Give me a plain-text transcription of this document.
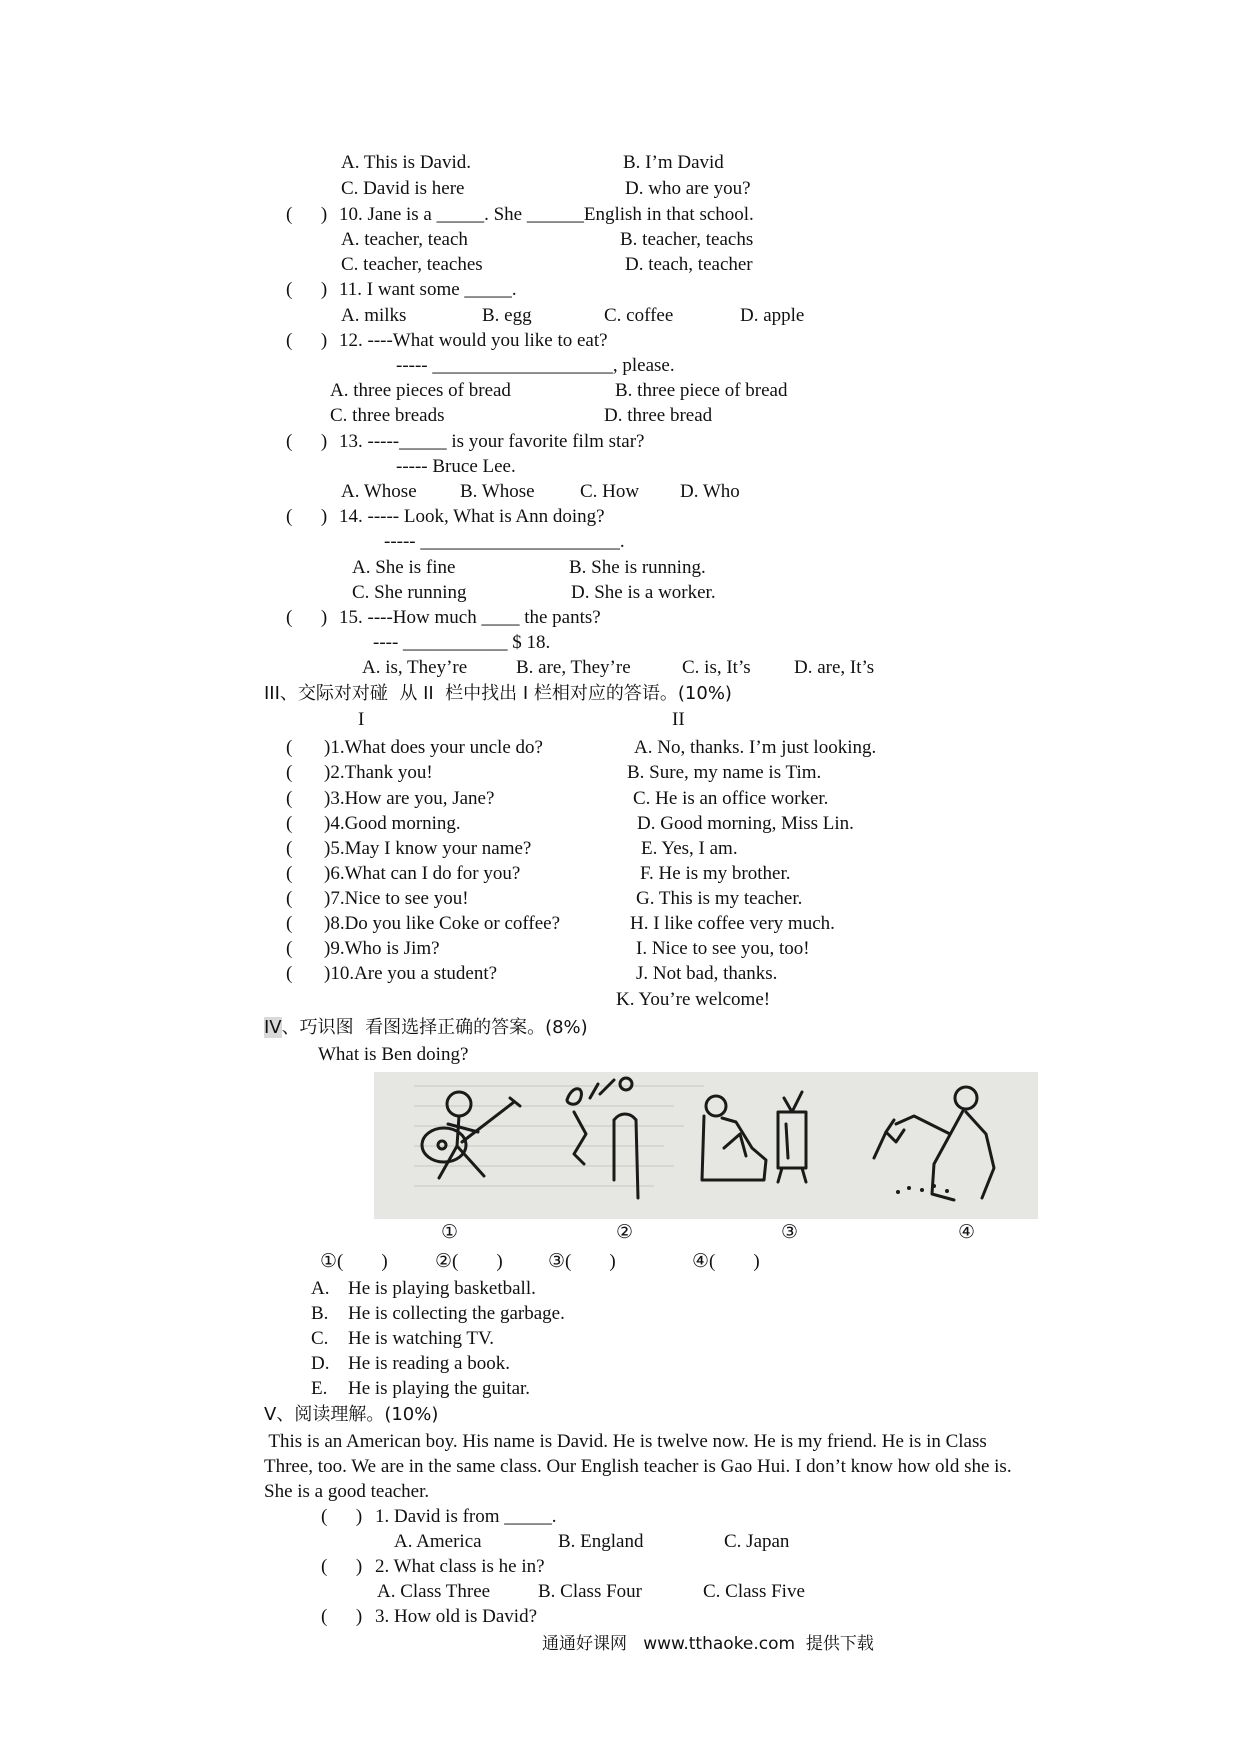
A. This is David.	B. I’m David
C. David is here	D. who are you?
(      ) 10. Jane is a _____. She ______English in that school.
A. teacher, teach	B. teacher, teachs
C. teacher, teaches	D. teach, teacher
(      ) 11. I want some _____.
A. milks	B. egg	C. coffee	D. apple
(      ) 12. ----What would you like to eat?
----- ___________________, please.
A. three pieces of bread	B. three piece of bread
C. three breads	D. three bread
(      ) 13. -----_____ is your favorite film star?
----- Bruce Lee.
A. Whose B. Whose C. How D. Who
(      ) 14. ----- Look, What is Ann doing?
----- _____________________.
A. She is fine	B. She is running.
C. She running	D. She is a worker.
(      ) 15. ----How much ____ the pants?
---- ___________ $ 18.
A. is, They’re	B. are, They’re	C. is, It’s D. are, It’s
III、交际对对碰  从 II  栏中找出 I 栏相对应的答语。(10%)
I	II
( )1.What does your uncle do?	A. No, thanks. I’m just looking.
( )2.Thank you!	B. Sure, my name is Tim.
( )3.How are you, Jane?	C. He is an office worker.
( )4.Good morning.	D. Good morning, Miss Lin.
( )5.May I know your name?	E. Yes, I am.
( )6.What can I do for you?	F. He is my brother.
( )7.Nice to see you!	G. This is my teacher.
( )8.Do you like Coke or coffee?	H. I like coffee very much.
( )9.Who is Jim?	I. Nice to see you, too!
( )10.Are you a student?	J. Not bad, thanks.
K. You’re welcome!
IV、巧识图  看图选择正确的答案。(8%)
What is Ben doing?
①	②	③	④
①(        ) ②(        ) ③(        )	④(        )
A. He is playing basketball.
B. He is collecting the garbage.
C. He is watching TV.
D. He is reading a book.
E. He is playing the guitar.
V、阅读理解。(10%)
This is an American boy. His name is David. He is twelve now. He is my friend. He is in Class
Three, too. We are in the same class. Our English teacher is Gao Hui. I don’t know how old she is.
She is a good teacher.
(      ) 1. David is from _____.
A. America	B. England	C. Japan
(      ) 2. What class is he in?
A. Class Three	B. Class Four	C. Class Five
(      ) 3. How old is David?
通通好课网   www.tthaoke.com  提供下载
